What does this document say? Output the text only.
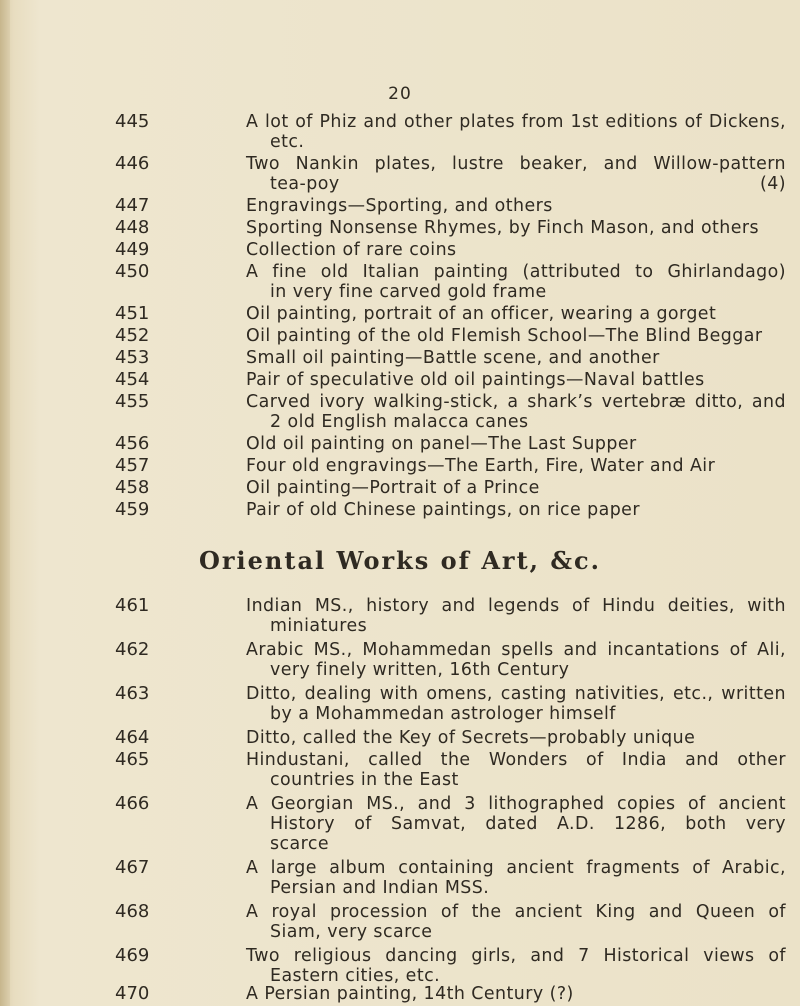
20
445	A lot of Phiz and other plates from 1st editions of Dickens,
etc.
446	Two Nankin plates, lustre beaker, and Willow-pattern
tea-poy	(4)
447	Engravings—Sporting, and others
448	Sporting Nonsense Rhymes, by Finch Mason, and others
449	Collection of rare coins
450	A fine old Italian painting (attributed to Ghirlandago)
in very fine carved gold frame
451	Oil painting, portrait of an officer, wearing a gorget
452	Oil painting of the old Flemish School—The Blind Beggar
453	Small oil painting—Battle scene, and another
454	Pair of speculative old oil paintings—Naval battles
455	Carved ivory walking-stick, a shark’s vertebræ ditto, and
2 old English malacca canes
456	Old oil painting on panel—The Last Supper
457	Four old engravings—The Earth, Fire, Water and Air
458	Oil painting—Portrait of a Prince
459	Pair of old Chinese paintings, on rice paper
Oriental Works of Art, &c.
461	Indian MS., history and legends of Hindu deities, with
miniatures
462	Arabic MS., Mohammedan spells and incantations of Ali,
very finely written, 16th Century
463	Ditto, dealing with omens, casting nativities, etc., written
by a Mohammedan astrologer himself
464	Ditto, called the Key of Secrets—probably unique
465	Hindustani, called the Wonders of India and other
countries in the East
466	A Georgian MS., and 3 lithographed copies of ancient
History of Samvat, dated A.D. 1286, both very
scarce
467	A large album containing ancient fragments of Arabic,
Persian and Indian MSS.
468	A royal procession of the ancient King and Queen of
Siam, very scarce
469	Two religious dancing girls, and 7 Historical views of
Eastern cities, etc.
470	A Persian painting, 14th Century (?)
